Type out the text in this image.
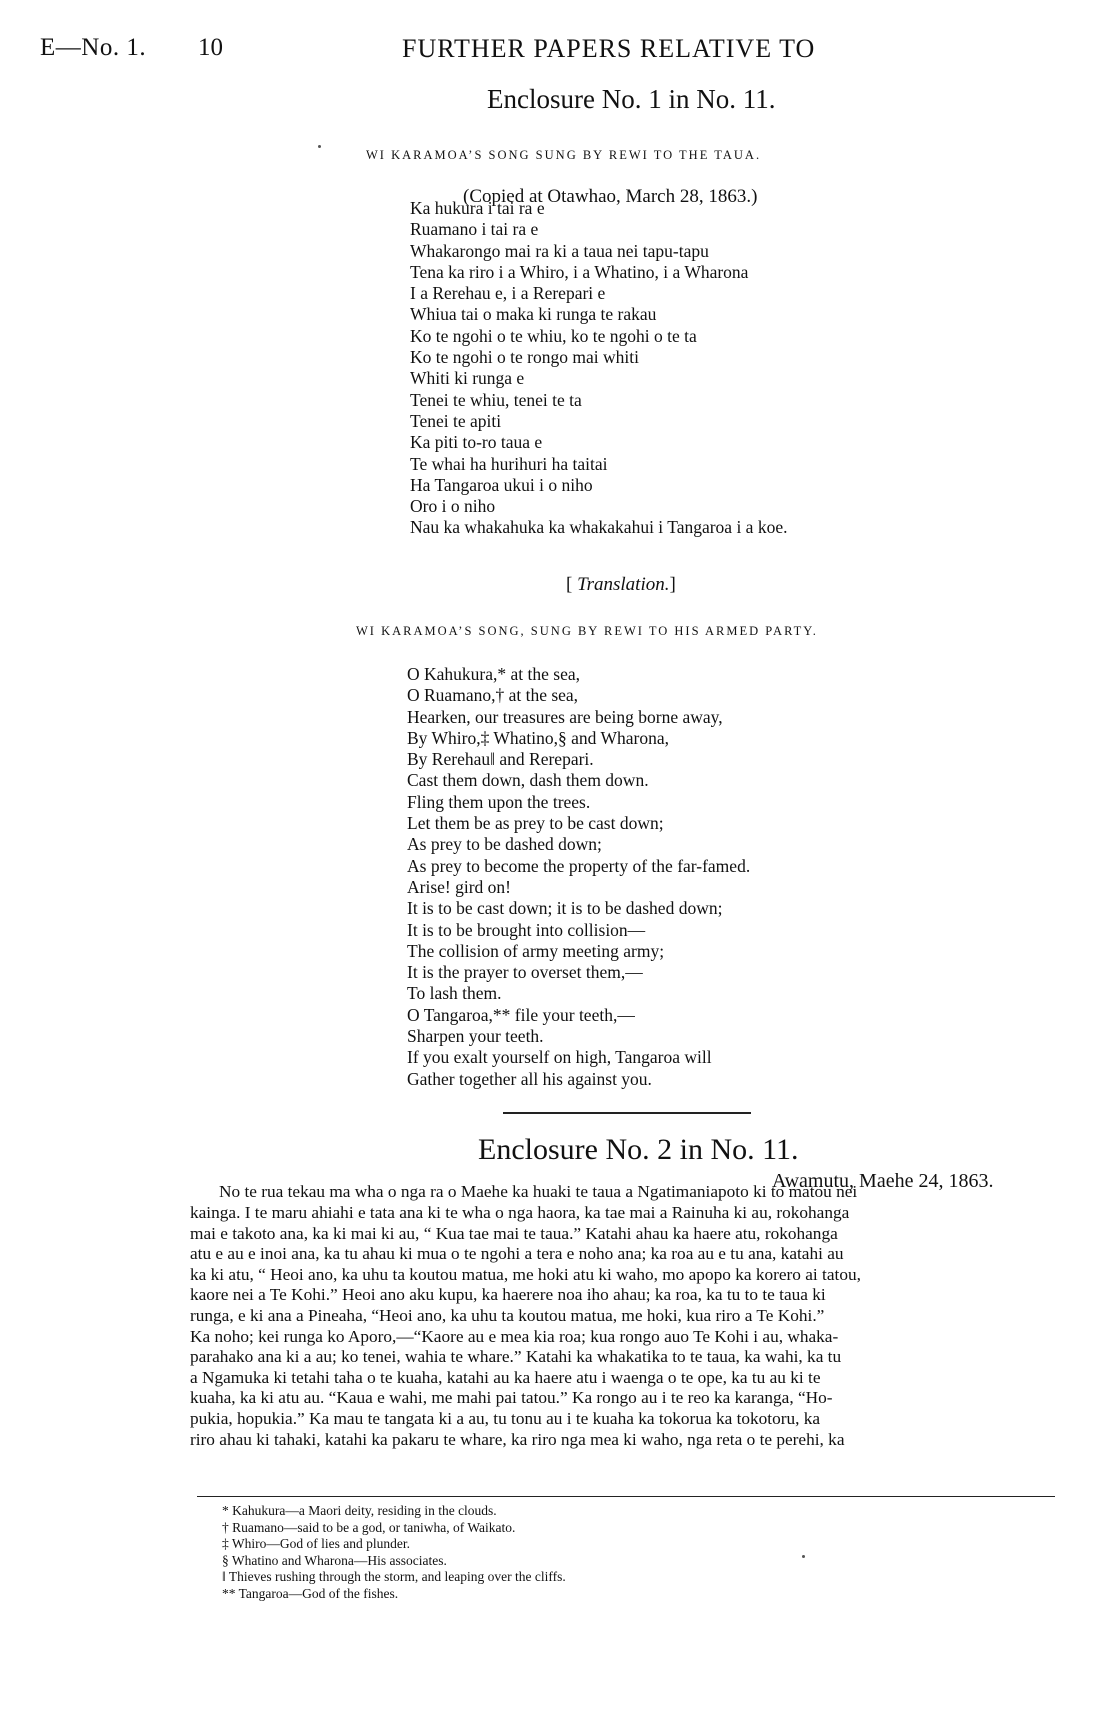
E—No. 1. 10	FURTHER PAPERS RELATIVE TO
Enclosure No. 1 in No. 11.
WI KARAMOA’S SONG SUNG BY REWI TO THE TAUA.
(Copied at Otawhao, March 28, 1863.)
Ka hukura i tai ra e
Ruamano i tai ra e
Whakarongo mai ra ki a taua nei tapu-tapu
Tena ka riro i a Whiro, i a Whatino, i a Wharona
I a Rerehau e, i a Rerepari e
Whiua tai o maka ki runga te rakau
Ko te ngohi o te whiu, ko te ngohi o te ta
Ko te ngohi o te rongo mai whiti
Whiti ki runga e
Tenei te whiu, tenei te ta
Tenei te apiti
Ka piti to-ro taua e
Te whai ha hurihuri ha taitai
Ha Tangaroa ukui i o niho
Oro i o niho
Nau ka whakahuka ka whakakahui i Tangaroa i a koe.
[ Translation.]
WI KARAMOA’S SONG, SUNG BY REWI TO HIS ARMED PARTY.
O Kahukura,* at the sea,
O Ruamano,† at the sea,
Hearken, our treasures are being borne away,
By Whiro,‡ Whatino,§ and Wharona,
By Rerehau‖ and Rerepari.
Cast them down, dash them down.
Fling them upon the trees.
Let them be as prey to be cast down;
As prey to be dashed down;
As prey to become the property of the far-famed.
Arise! gird on!
It is to be cast down; it is to be dashed down;
It is to be brought into collision—
The collision of army meeting army;
It is the prayer to overset them,—
To lash them.
O Tangaroa,** file your teeth,—
Sharpen your teeth.
If you exalt yourself on high, Tangaroa will
Gather together all his against you.
Enclosure No. 2 in No. 11.
Awamutu, Maehe 24, 1863.
No te rua tekau ma wha o nga ra o Maehe ka huaki te taua a Ngatimaniapoto ki to matou nei
kainga. I te maru ahiahi e tata ana ki te wha o nga haora, ka tae mai a Rainuha ki au, rokohanga
mai e takoto ana, ka ki mai ki au, “ Kua tae mai te taua.” Katahi ahau ka haere atu, rokohanga
atu e au e inoi ana, ka tu ahau ki mua o te ngohi a tera e noho ana; ka roa au e tu ana, katahi au
ka ki atu, “ Heoi ano, ka uhu ta koutou matua, me hoki atu ki waho, mo apopo ka korero ai tatou,
kaore nei a Te Kohi.” Heoi ano aku kupu, ka haerere noa iho ahau; ka roa, ka tu to te taua ki
runga, e ki ana a Pineaha, “Heoi ano, ka uhu ta koutou matua, me hoki, kua riro a Te Kohi.”
Ka noho; kei runga ko Aporo,—“Kaore au e mea kia roa; kua rongo auo Te Kohi i au, whaka-
parahako ana ki a au; ko tenei, wahia te whare.” Katahi ka whakatika to te taua, ka wahi, ka tu
a Ngamuka ki tetahi taha o te kuaha, katahi au ka haere atu i waenga o te ope, ka tu au ki te
kuaha, ka ki atu au. “Kaua e wahi, me mahi pai tatou.” Ka rongo au i te reo ka karanga, “Ho-
pukia, hopukia.” Ka mau te tangata ki a au, tu tonu au i te kuaha ka tokorua ka tokotoru, ka
riro ahau ki tahaki, katahi ka pakaru te whare, ka riro nga mea ki waho, nga reta o te perehi, ka
* Kahukura—a Maori deity, residing in the clouds.
† Ruamano—said to be a god, or taniwha, of Waikato.
‡ Whiro—God of lies and plunder.
§ Whatino and Wharona—His associates.
‖ Thieves rushing through the storm, and leaping over the cliffs.
** Tangaroa—God of the fishes.
